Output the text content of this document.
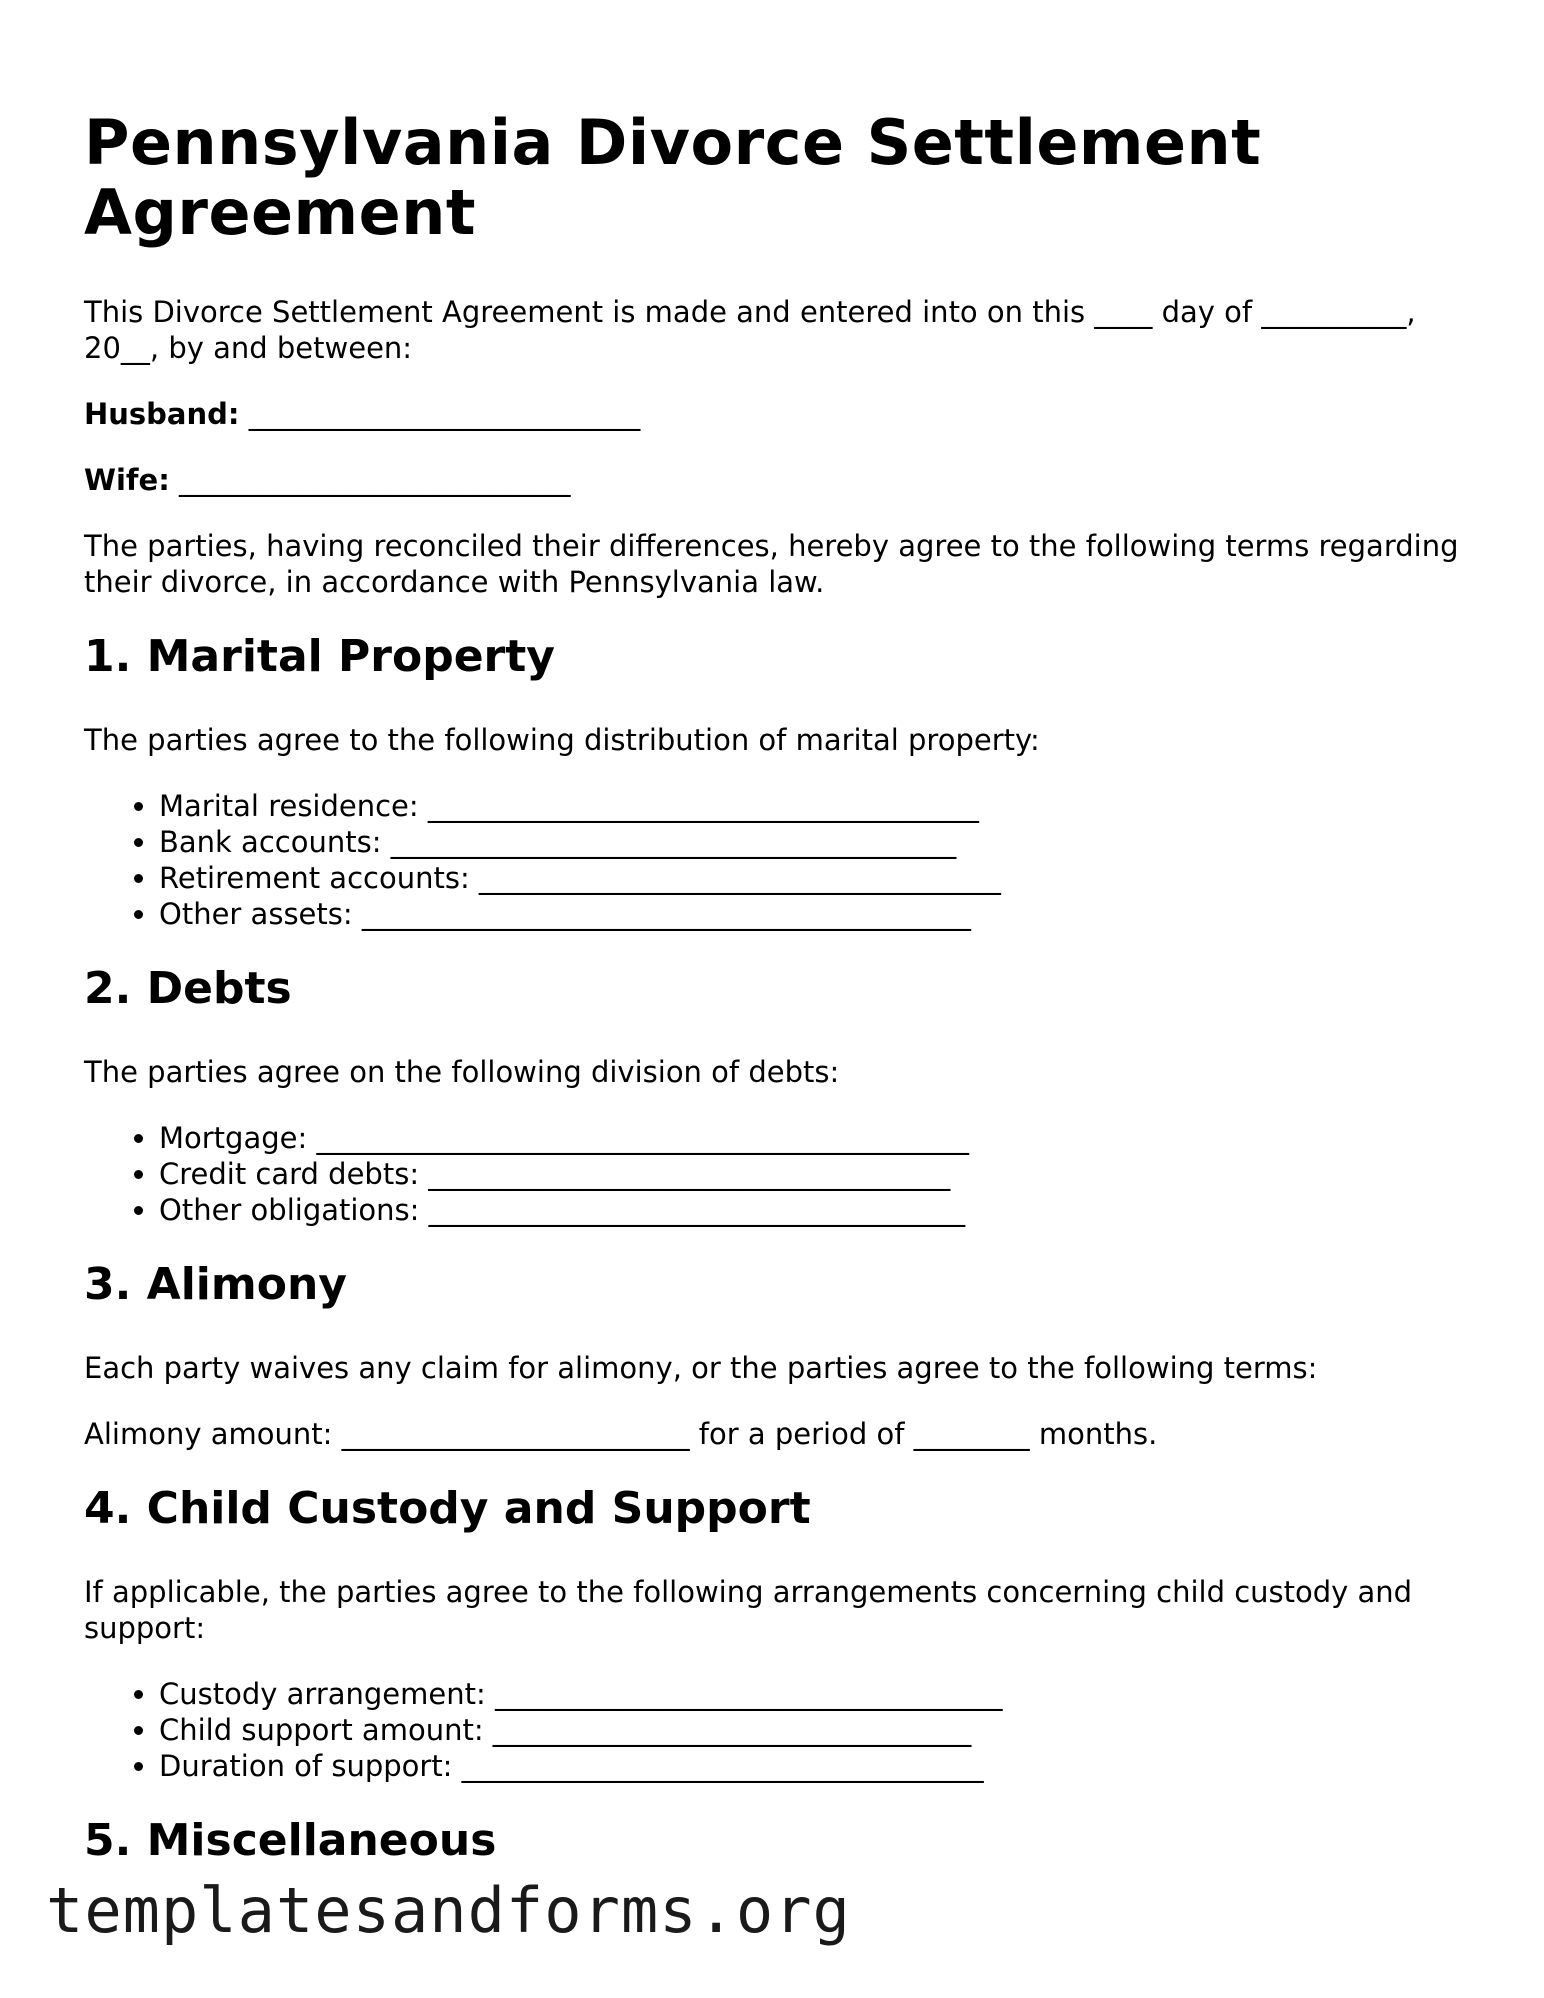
Pennsylvania Divorce Settlement Agreement

This Divorce Settlement Agreement is made and entered into on this ____ day of __________, 20__, by and between:

Husband: ___________________________

Wife: ___________________________

The parties, having reconciled their differences, hereby agree to the following terms regarding their divorce, in accordance with Pennsylvania law.

1. Marital Property

The parties agree to the following distribution of marital property:

• Marital residence: ______________________________________
• Bank accounts: _______________________________________
• Retirement accounts: ____________________________________
• Other assets: __________________________________________
2. Debts

The parties agree on the following division of debts:

• Mortgage: _____________________________________________
• Credit card debts: ____________________________________
• Other obligations: _____________________________________
3. Alimony

Each party waives any claim for alimony, or the parties agree to the following terms:

Alimony amount: ________________________ for a period of ________ months.

4. Child Custody and Support

If applicable, the parties agree to the following arrangements concerning child custody and support:

• Custody arrangement: ___________________________________
• Child support amount: _________________________________
• Duration of support: ____________________________________
5. Miscellaneous
templatesandforms.org
